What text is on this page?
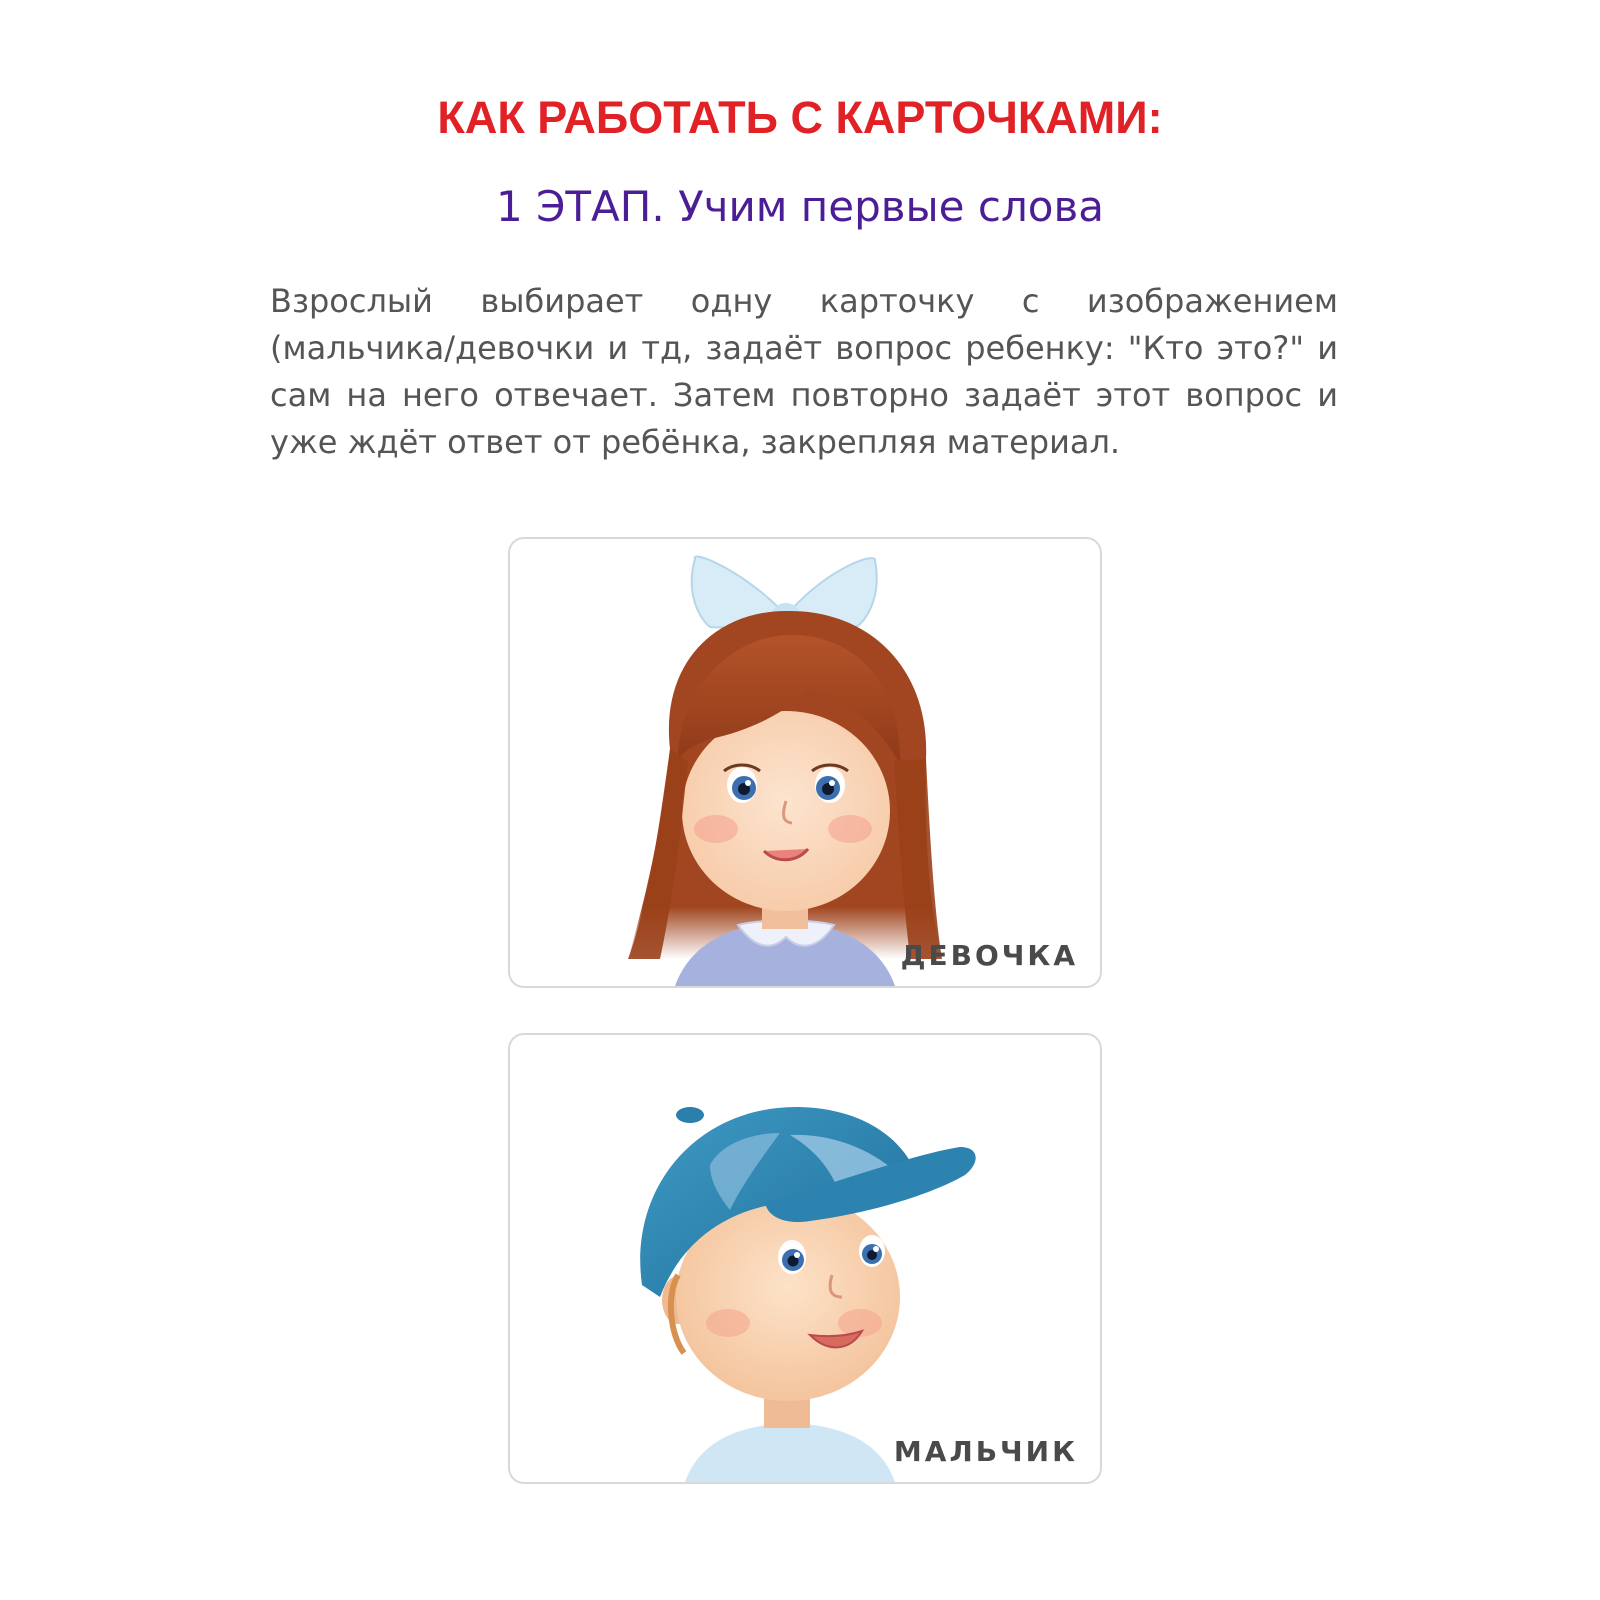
КАК РАБОТАТЬ С КАРТОЧКАМИ:
1 ЭТАП. Учим первые слова
Взрослый выбирает одну карточку с изображением (мальчика/девочки и тд, задаёт вопрос ребенку: "Кто это?" и сам на него отвечает. Затем повторно задаёт этот вопрос и уже ждёт ответ от ребёнка, закрепляя материал.
ДЕВОЧКА
МАЛЬЧИК
